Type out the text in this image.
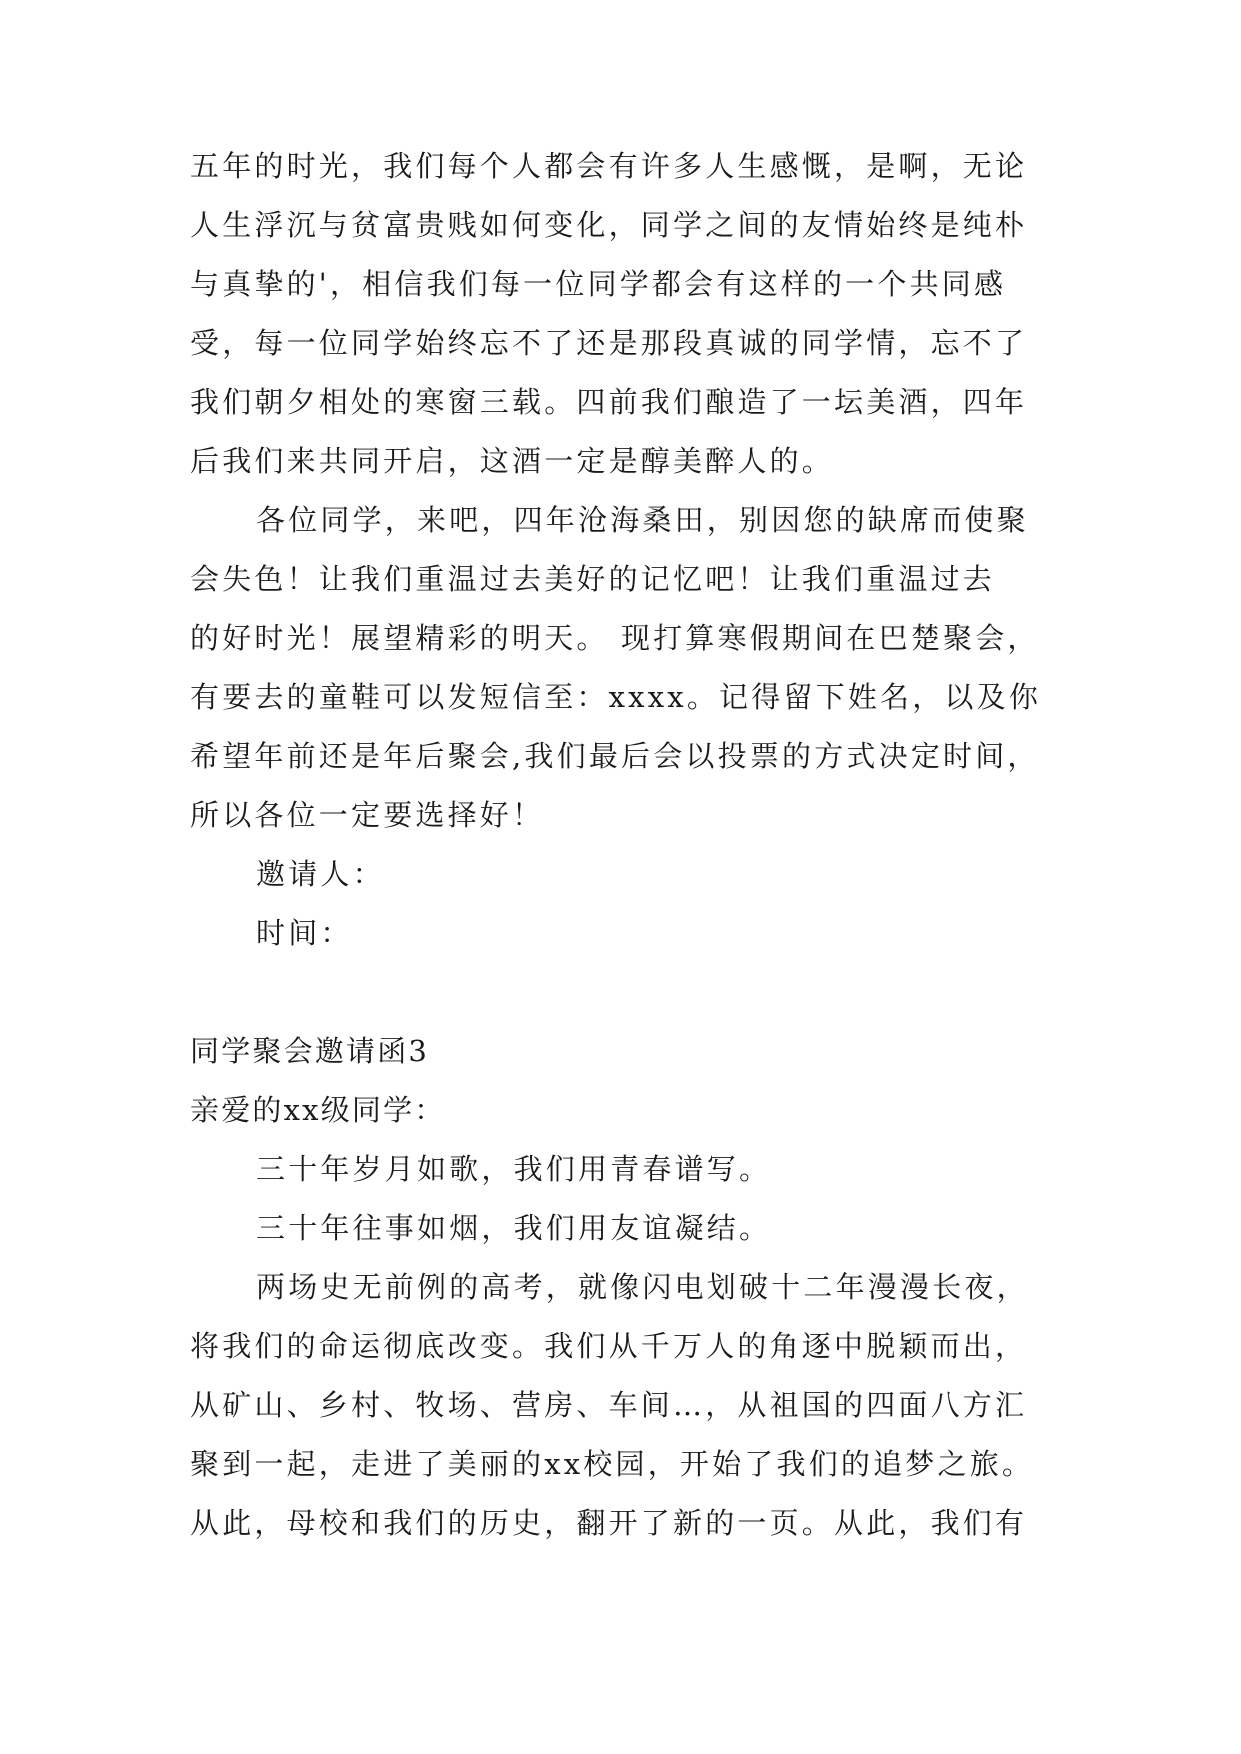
五年的时光，我们每个人都会有许多人生感慨，是啊，无论
人生浮沉与贫富贵贱如何变化，同学之间的友情始终是纯朴
与真挚的'，相信我们每一位同学都会有这样的一个共同感
受，每一位同学始终忘不了还是那段真诚的同学情，忘不了
我们朝夕相处的寒窗三载。四前我们酿造了一坛美酒，四年
后我们来共同开启，这酒一定是醇美醉人的。
各位同学，来吧，四年沧海桑田，别因您的缺席而使聚
会失色！让我们重温过去美好的记忆吧！让我们重温过去
的好时光！展望精彩的明天。 现打算寒假期间在巴楚聚会，
有要去的童鞋可以发短信至：xxxx。记得留下姓名，以及你
希望年前还是年后聚会,我们最后会以投票的方式决定时间，
所以各位一定要选择好！
邀请人：
时间：
同学聚会邀请函3
亲爱的xx级同学：
三十年岁月如歌，我们用青春谱写。
三十年往事如烟，我们用友谊凝结。
两场史无前例的高考，就像闪电划破十二年漫漫长夜，
将我们的命运彻底改变。我们从千万人的角逐中脱颖而出，
从矿山、乡村、牧场、营房、车间…，从祖国的四面八方汇
聚到一起，走进了美丽的xx校园，开始了我们的追梦之旅。
从此，母校和我们的历史，翻开了新的一页。从此，我们有
